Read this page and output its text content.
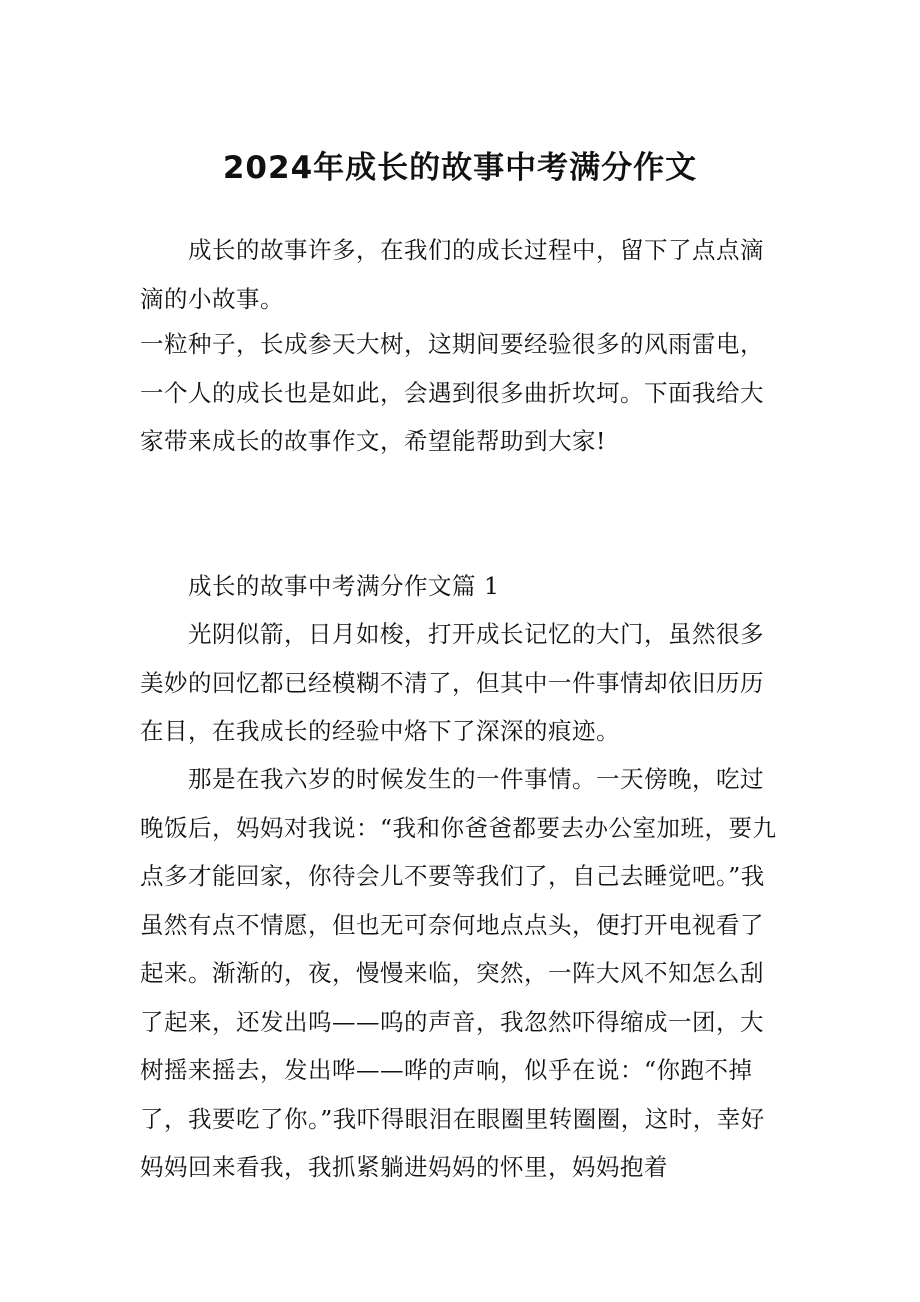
2024年成长的故事中考满分作文

成长的故事许多，在我们的成长过程中，留下了点点滴滴的小故事。

一粒种子，长成参天大树，这期间要经验很多的风雨雷电，一个人的成长也是如此，会遇到很多曲折坎坷。下面我给大家带来成长的故事作文，希望能帮助到大家!

成长的故事中考满分作文篇 1

光阴似箭，日月如梭，打开成长记忆的大门，虽然很多美妙的回忆都已经模糊不清了，但其中一件事情却依旧历历在目，在我成长的经验中烙下了深深的痕迹。

那是在我六岁的时候发生的一件事情。一天傍晚，吃过晚饭后，妈妈对我说：“我和你爸爸都要去办公室加班，要九点多才能回家，你待会儿不要等我们了，自己去睡觉吧。”我虽然有点不情愿，但也无可奈何地点点头，便打开电视看了起来。渐渐的，夜，慢慢来临，突然，一阵大风不知怎么刮了起来，还发出呜——呜的声音，我忽然吓得缩成一团，大树摇来摇去，发出哗——哗的声响，似乎在说：“你跑不掉了，我要吃了你。”我吓得眼泪在眼圈里转圈圈，这时，幸好妈妈回来看我，我抓紧躺进妈妈的怀里，妈妈抱着
